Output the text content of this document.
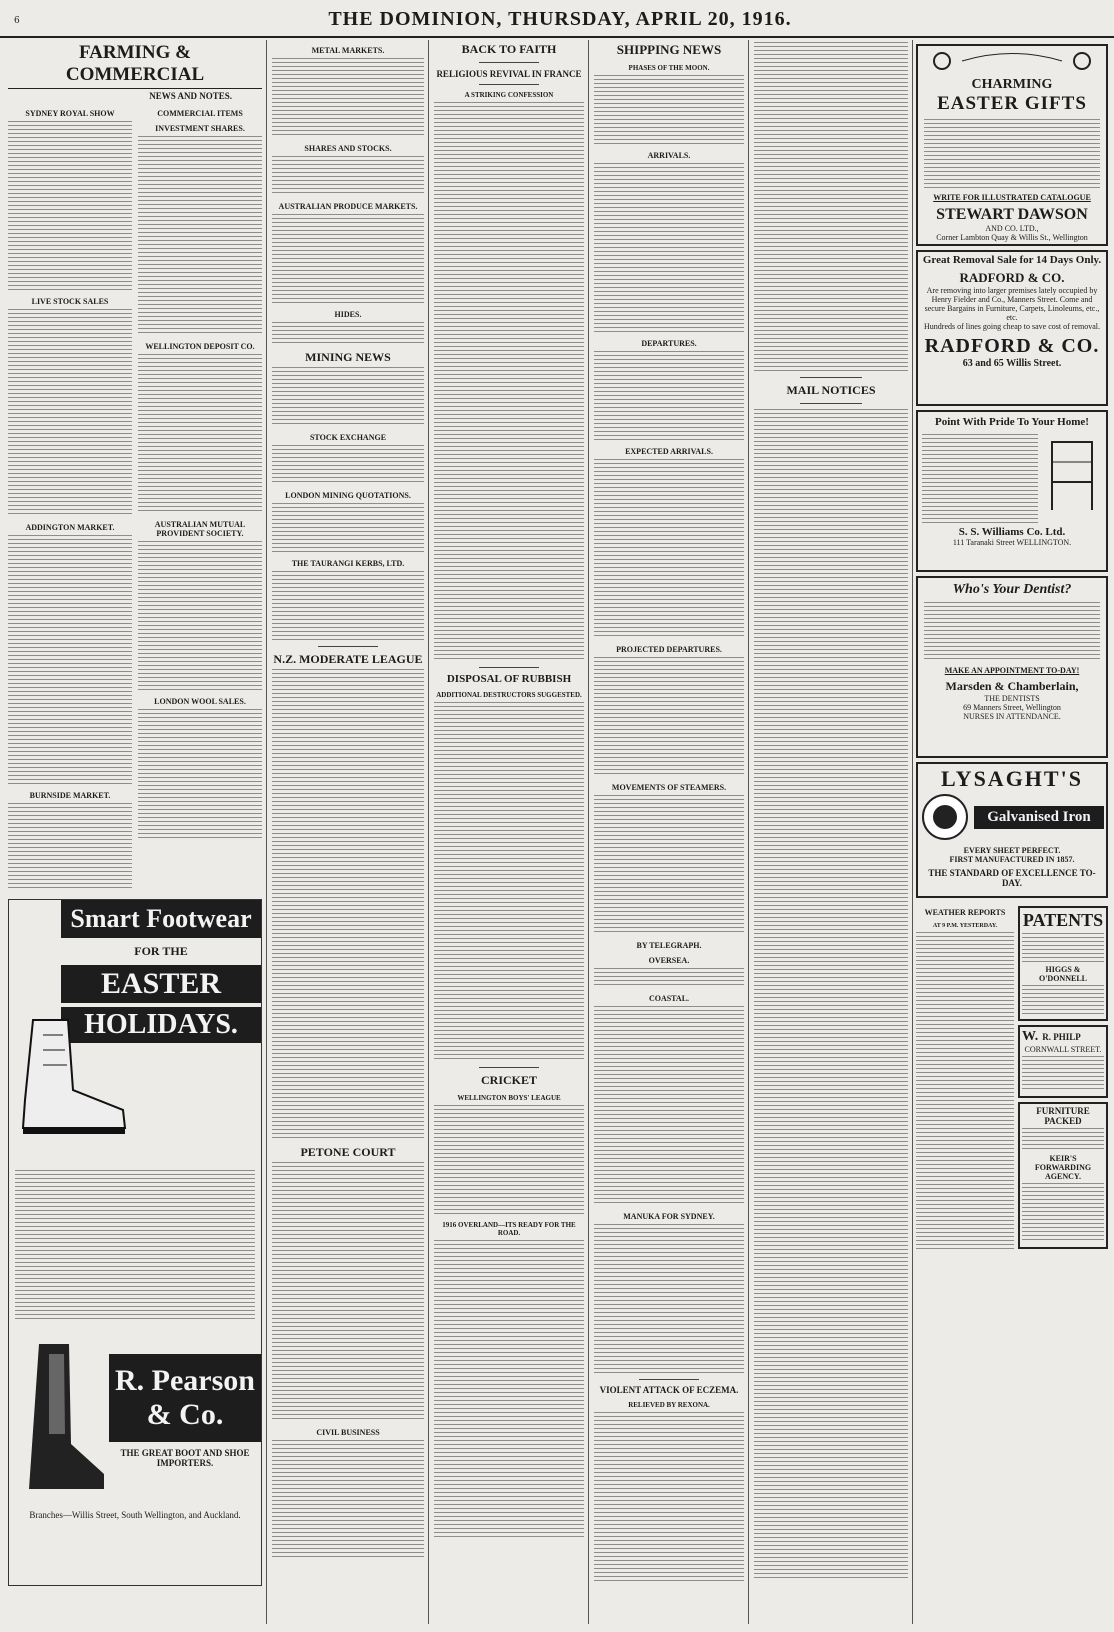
6	THE DOMINION, THURSDAY, APRIL 20, 1916.
FARMING & COMMERCIAL
NEWS AND NOTES.
SYDNEY ROYAL SHOW
LIVE STOCK SALES
ADDINGTON MARKET.
BURNSIDE MARKET.
COMMERCIAL ITEMS
INVESTMENT SHARES.
WELLINGTON DEPOSIT CO.
AUSTRALIAN MUTUAL PROVIDENT SOCIETY.
LONDON WOOL SALES.
Smart Footwear
FOR THE
EASTER
HOLIDAYS.
R. Pearson & Co.
THE GREAT BOOT AND SHOE IMPORTERS.
Branches—Willis Street, South Wellington, and Auckland.
METAL MARKETS.
SHARES AND STOCKS.
AUSTRALIAN PRODUCE MARKETS.
HIDES.
MINING NEWS
STOCK EXCHANGE
LONDON MINING QUOTATIONS.
THE TAURANGI KERBS, LTD.
N.Z. MODERATE LEAGUE
PETONE COURT
CIVIL BUSINESS
BACK TO FAITH
RELIGIOUS REVIVAL IN FRANCE
A STRIKING CONFESSION
DISPOSAL OF RUBBISH
ADDITIONAL DESTRUCTORS SUGGESTED.
CRICKET
WELLINGTON BOYS' LEAGUE
1916 OVERLAND—ITS READY FOR THE ROAD.
SHIPPING NEWS
PHASES OF THE MOON.
ARRIVALS.
DEPARTURES.
EXPECTED ARRIVALS.
PROJECTED DEPARTURES.
MOVEMENTS OF STEAMERS.
BY TELEGRAPH.
OVERSEA.
COASTAL.
MANUKA FOR SYDNEY.
VIOLENT ATTACK OF ECZEMA.
RELIEVED BY REXONA.
MAIL NOTICES
CHARMING
EASTER GIFTS
WRITE FOR ILLUSTRATED CATALOGUE
STEWART DAWSON
AND CO. LTD.,
Corner Lambton Quay & Willis St., Wellington
Great Removal Sale for 14 Days Only.
RADFORD & CO.
Are removing into larger premises lately occupied by
Henry Fielder and Co., Manners Street. Come and secure Bargains in Furniture, Carpets, Linoleums, etc., etc.
Hundreds of lines going cheap to save cost of removal.
RADFORD & CO.
63 and 65 Willis Street.
Point With Pride To Your Home!
S. S. Williams Co. Ltd.
111 Taranaki Street WELLINGTON.
Who's Your Dentist?
MAKE AN APPOINTMENT TO-DAY!
Marsden & Chamberlain,
THE DENTISTS
69 Manners Street, Wellington
NURSES IN ATTENDANCE.
LYSAGHT'S
Galvanised Iron
EVERY SHEET PERFECT.
FIRST MANUFACTURED IN 1857.
THE STANDARD OF EXCELLENCE TO-DAY.
WEATHER REPORTS
AT 9 P.M. YESTERDAY.	PATENTS
HIGGS & O'DONNELL
W. R. PHILP
CORNWALL STREET.
FURNITURE PACKED
KEIR'S FORWARDING AGENCY.
